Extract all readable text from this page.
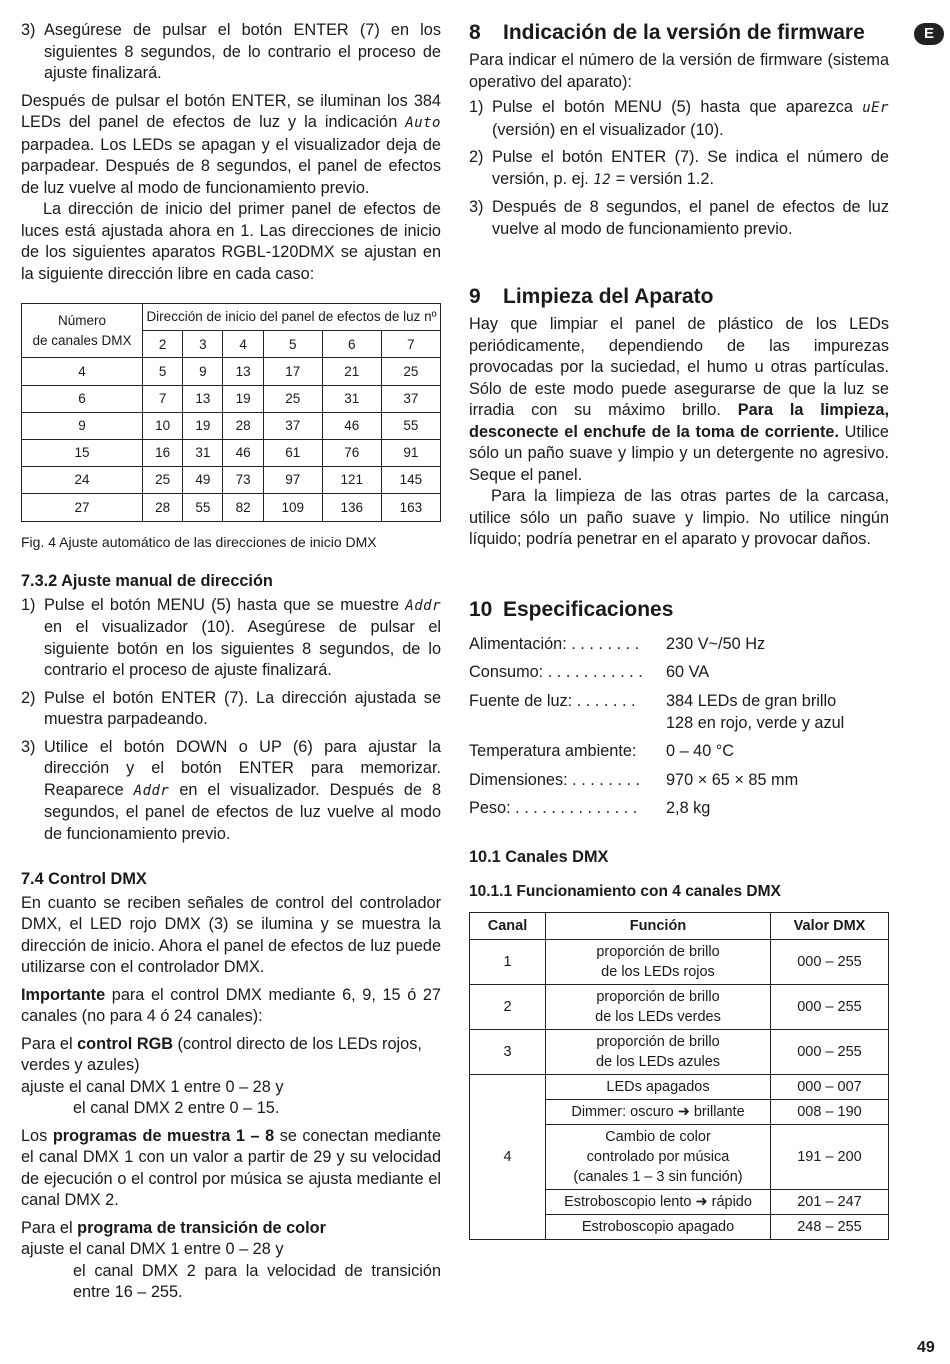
E
49
3) Asegúrese de pulsar el botón ENTER (7) en los siguientes 8 segundos, de lo contrario el proceso de ajuste finalizará.

Después de pulsar el botón ENTER, se iluminan los 384 LEDs del panel de efectos de luz y la indicación Auto parpadea. Los LEDs se apagan y el visualizador deja de parpadear. Después de 8 segundos, el panel de efectos de luz vuelve al modo de funcionamiento previo.

La dirección de inicio del primer panel de efectos de luces está ajustada ahora en 1. Las direcciones de inicio de los siguientes aparatos RGBL-120DMX se ajustan en la siguiente dirección libre en cada caso:

Número
de canales DMX	Dirección de inicio del panel de efectos de luz nº					
	2	3	4	5	6	7
4	5	9	13	17	21	25
6	7	13	19	25	31	37
9	10	19	28	37	46	55
15	16	31	46	61	76	91
24	25	49	73	97	121	145
27	28	55	82	109	136	163
Fig. 4 Ajuste automático de las direcciones de inicio DMX
7.3.2 Ajuste manual de dirección
1) Pulse el botón MENU (5) hasta que se muestre Addr en el visualizador (10). Asegúrese de pulsar el siguiente botón en los siguientes 8 segundos, de lo contrario el proceso de ajuste finalizará.
2) Pulse el botón ENTER (7). La dirección ajustada se muestra parpadeando.
3) Utilice el botón DOWN o UP (6) para ajustar la dirección y el botón ENTER para memorizar. Reaparece Addr en el visualizador. Después de 8 segundos, el panel de efectos de luz vuelve al modo de funcionamiento previo.
7.4 Control DMX

En cuanto se reciben señales de control del controlador DMX, el LED rojo DMX (3) se ilumina y se muestra la dirección de inicio. Ahora el panel de efectos de luz puede utilizarse con el controlador DMX.

Importante para el control DMX mediante 6, 9, 15 ó 27 canales (no para 4 ó 24 canales):

Para el control RGB (control directo de los LEDs rojos, verdes y azules)
ajuste el canal DMX 1 entre 0 – 28 y
el canal DMX 2 entre 0 – 15.

Los programas de muestra 1 – 8 se conectan mediante el canal DMX 1 con un valor a partir de 29 y su velocidad de ejecución o el control por música se ajusta mediante el canal DMX 2.

Para el programa de transición de color
ajuste el canal DMX 1 entre 0 – 28 y

el canal DMX 2 para la velocidad de transición entre 16 – 255.

8 Indicación de la versión de firmware

Para indicar el número de la versión de firmware (sistema operativo del aparato):

1) Pulse el botón MENU (5) hasta que aparezca uEr (versión) en el visualizador (10).
2) Pulse el botón ENTER (7). Se indica el número de versión, p. ej. 12 = versión 1.2.
3) Después de 8 segundos, el panel de efectos de luz vuelve al modo de funcionamiento previo.
9 Limpieza del Aparato

Hay que limpiar el panel de plástico de los LEDs periódicamente, dependiendo de las impurezas provocadas por la suciedad, el humo u otras partículas. Sólo de este modo puede asegurarse de que la luz se irradia con su máximo brillo. Para la limpieza, desconecte el enchufe de la toma de corriente. Utilice sólo un paño suave y limpio y un detergente no agresivo. Seque el panel.

Para la limpieza de las otras partes de la carcasa, utilice sólo un paño suave y limpio. No utilice ningún líquido; podría penetrar en el aparato y provocar daños.

10 Especificaciones
Alimentación: . . . . . . . .	230 V~/50 Hz
Consumo: . . . . . . . . . . .	60 VA
Fuente de luz: . . . . . . .	384 LEDs de gran brillo
128 en rojo, verde y azul
Temperatura ambiente:	0 – 40 °C
Dimensiones: . . . . . . . .	970 × 65 × 85 mm
Peso: . . . . . . . . . . . . . .	2,8 kg
10.1 Canales DMX
10.1.1 Funcionamiento con 4 canales DMX
Canal	Función	Valor DMX
1	proporción de brillo
de los LEDs rojos	000 – 255
2	proporción de brillo
de los LEDs verdes	000 – 255
3	proporción de brillo
de los LEDs azules	000 – 255
4	LEDs apagados	000 – 007
	Dimmer: oscuro ➜ brillante	008 – 190
	Cambio de color
controlado por música
(canales 1 – 3 sin función)	191 – 200
	Estroboscopio lento ➜ rápido	201 – 247
	Estroboscopio apagado	248 – 255
